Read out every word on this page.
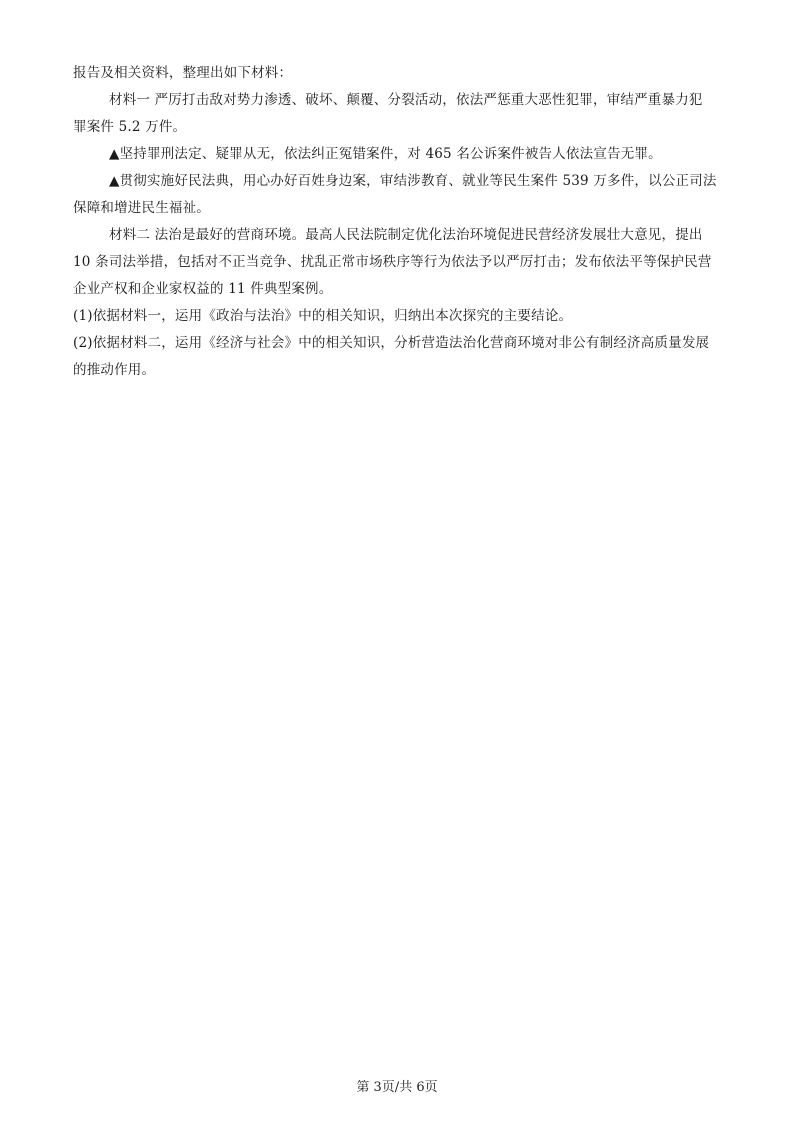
报告及相关资料，整理出如下材料：
材料一 严厉打击敌对势力渗透、破坏、颠覆、分裂活动，依法严惩重大恶性犯罪，审结严重暴力犯
罪案件 5.2 万件。
▲坚持罪刑法定、疑罪从无，依法纠正冤错案件，对 465 名公诉案件被告人依法宣告无罪。
▲贯彻实施好民法典，用心办好百姓身边案，审结涉教育、就业等民生案件 539 万多件，以公正司法
保障和增进民生福祉。
材料二 法治是最好的营商环境。最高人民法院制定优化法治环境促进民营经济发展壮大意见，提出
10 条司法举措，包括对不正当竞争、扰乱正常市场秩序等行为依法予以严厉打击；发布依法平等保护民营
企业产权和企业家权益的 11 件典型案例。
(1)依据材料一，运用《政治与法治》中的相关知识，归纳出本次探究的主要结论。
(2)依据材料二，运用《经济与社会》中的相关知识，分析营造法治化营商环境对非公有制经济高质量发展
的推动作用。
第 3页/共 6页
